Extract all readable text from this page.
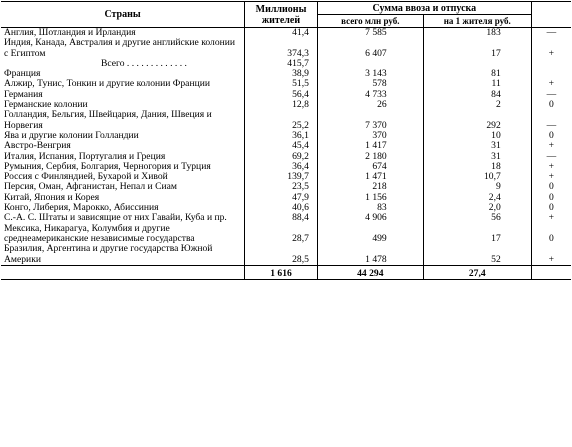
Страны	Миллионы жителей	Сумма ввоза и отпуска		
		всего млн руб.	на 1 жителя руб.	
Англия, Шотландия и Ирландия	41,4	7 585	183	—
Индия, Канада, Австралия и другие английские колонии с Египтом	374,3	6 407	17	+
Всего . . . . . . . . . . . . .	415,7			
Франция	38,9	3 143	81	
Алжир, Тунис, Тонкин и другие колонии Франции	51,5	578	11	+
Германия	56,4	4 733	84	—
Германские колонии	12,8	26	2	0
Голландия, Бельгия, Швейцария, Дания, Швеция и Норвегия	25,2	7 370	292	—
Ява и другие колонии Голландии	36,1	370	10	0
Австро-Венгрия	45,4	1 417	31	+
Италия, Испания, Португалия и Греция	69,2	2 180	31	—
Румыния, Сербия, Болгария, Черногория и Турция	36,4	674	18	+
Россия с Финляндией, Бухарой и Хивой	139,7	1 471	10,7	+
Персия, Оман, Афганистан, Непал и Сиам	23,5	218	9	0
Китай, Япония и Корея	47,9	1 156	2,4	0
Конго, Либерия, Марокко, Абиссиния	40,6	83	2,0	0
С.-А. С. Штаты и зависящие от них Гавайи, Куба и пр.	88,4	4 906	56	+
Мексика, Никарагуа, Колумбия и другие среднеамериканские независимые государства	28,7	499	17	0
Бразилия, Аргентина и другие государства Южной Америки	28,5	1 478	52	+
	1 616	44 294	27,4	
